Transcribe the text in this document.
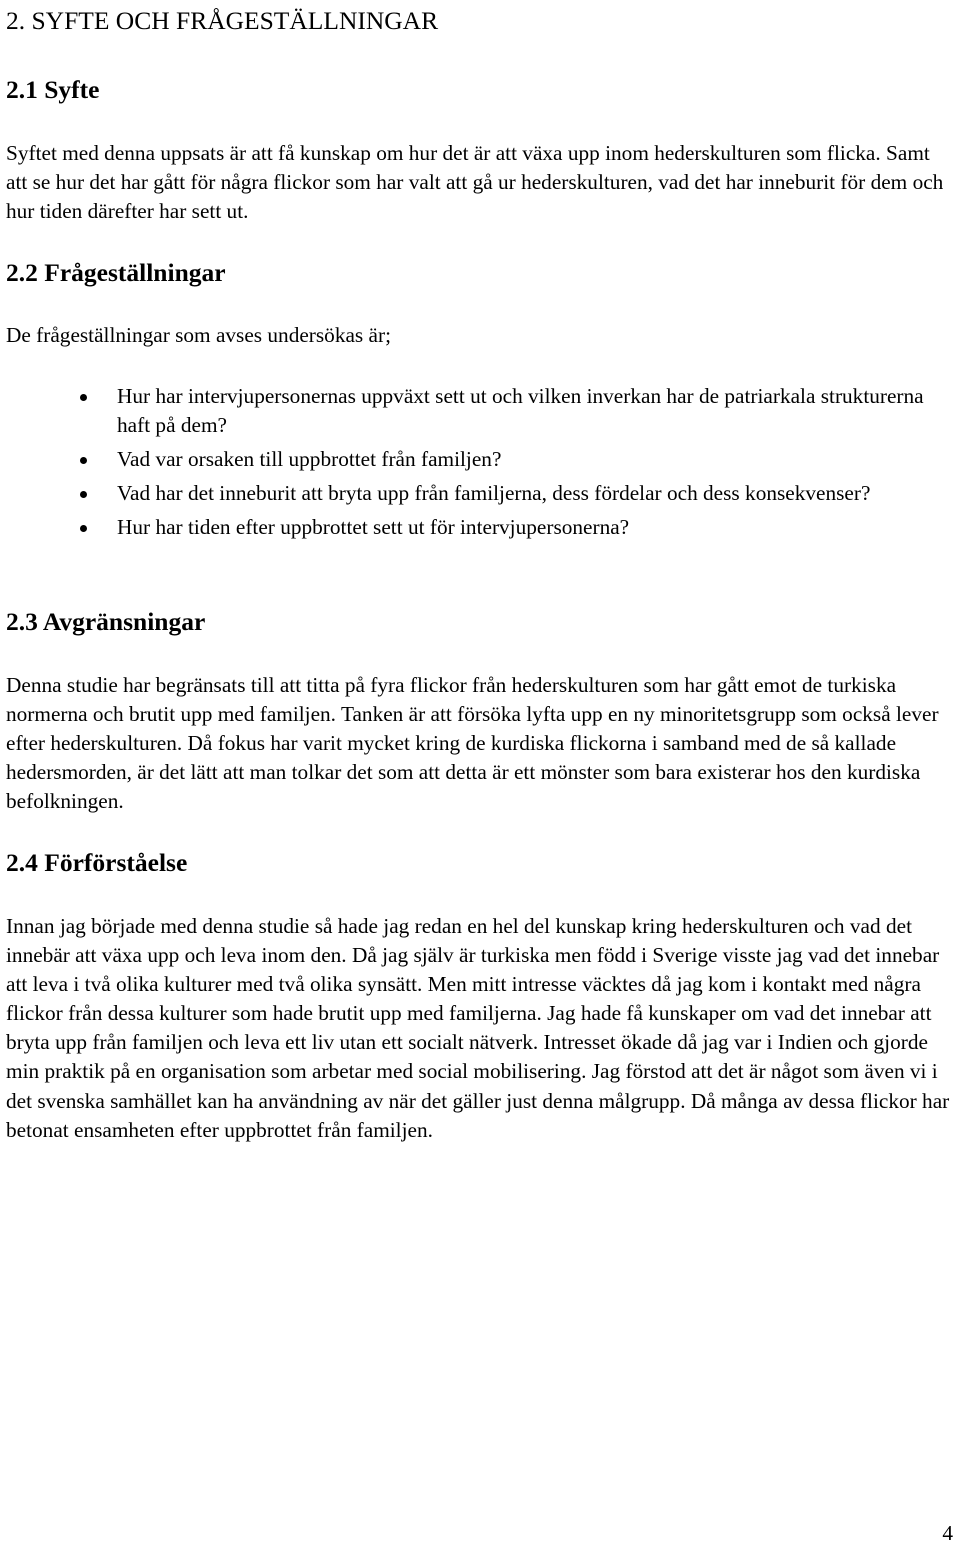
2. SYFTE OCH FRÅGESTÄLLNINGAR
2.1 Syfte

Syftet med denna uppsats är att få kunskap om hur det är att växa upp inom hederskulturen som flicka. Samt att se hur det har gått för några flickor som har valt att gå ur hederskulturen, vad det har inneburit för dem och hur tiden därefter har sett ut.

2.2 Frågeställningar

De frågeställningar som avses undersökas är;

Hur har intervjupersonernas uppväxt sett ut och vilken inverkan har de patriarkala strukturerna haft på dem?
Vad var orsaken till uppbrottet från familjen?
Vad har det inneburit att bryta upp från familjerna, dess fördelar och dess konsekvenser?
Hur har tiden efter uppbrottet sett ut för intervjupersonerna?
2.3 Avgränsningar

Denna studie har begränsats till att titta på fyra flickor från hederskulturen som har gått emot de turkiska normerna och brutit upp med familjen. Tanken är att försöka lyfta upp en ny minoritetsgrupp som också lever efter hederskulturen. Då fokus har varit mycket kring de kurdiska flickorna i samband med de så kallade hedersmorden, är det lätt att man tolkar det som att detta är ett mönster som bara existerar hos den kurdiska befolkningen.

2.4 Förförståelse

Innan jag började med denna studie så hade jag redan en hel del kunskap kring hederskulturen och vad det innebär att växa upp och leva inom den. Då jag själv är turkiska men född i Sverige visste jag vad det innebar att leva i två olika kulturer med två olika synsätt. Men mitt intresse väcktes då jag kom i kontakt med några flickor från dessa kulturer som hade brutit upp med familjerna. Jag hade få kunskaper om vad det innebar att bryta upp från familjen och leva ett liv utan ett socialt nätverk. Intresset ökade då jag var i Indien och gjorde min praktik på en organisation som arbetar med social mobilisering. Jag förstod att det är något som även vi i det svenska samhället kan ha användning av när det gäller just denna målgrupp. Då många av dessa flickor har betonat ensamheten efter uppbrottet från familjen.

4
